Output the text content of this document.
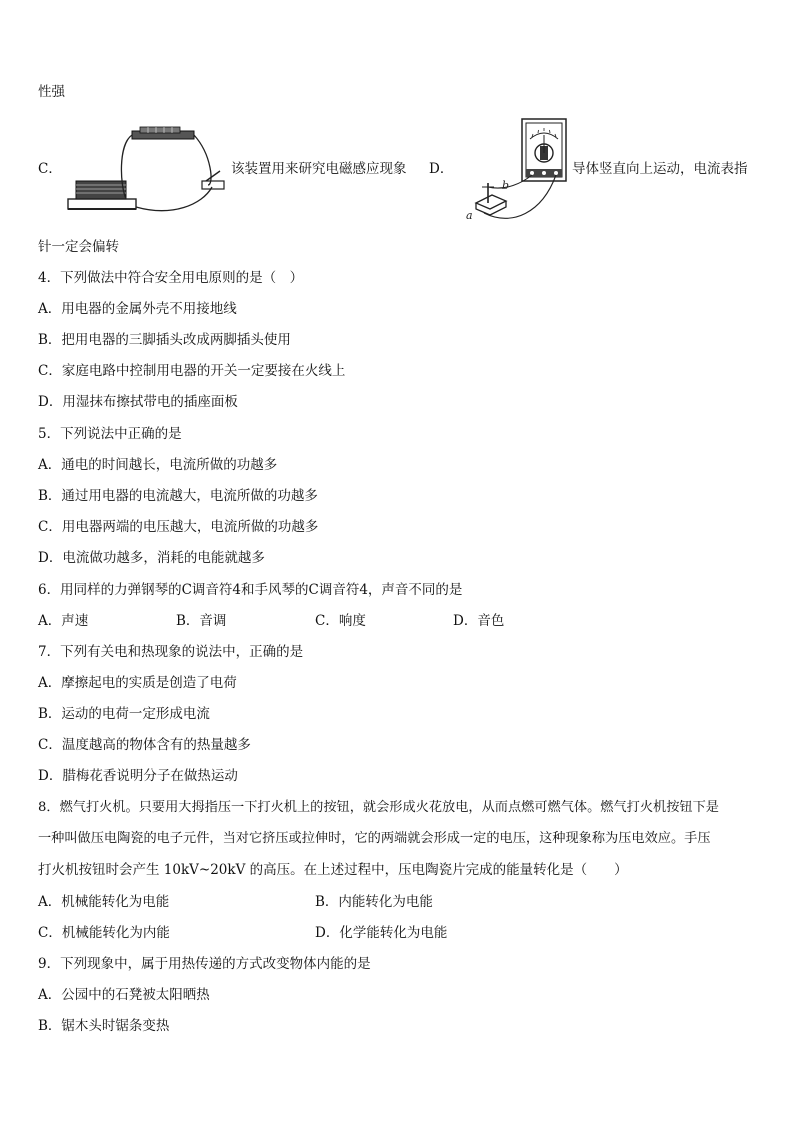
性强
C．	该装置用来研究电磁感应现象 D．
b
a
导体竖直向上运动，电流表指
针一定会偏转
4．下列做法中符合安全用电原则的是（　）
A．用电器的金属外壳不用接地线
B．把用电器的三脚插头改成两脚插头使用
C．家庭电路中控制用电器的开关一定要接在火线上
D．用湿抹布擦拭带电的插座面板
5．下列说法中正确的是
A．通电的时间越长，电流所做的功越多
B．通过用电器的电流越大，电流所做的功越多
C．用电器两端的电压越大，电流所做的功越多
D．电流做功越多，消耗的电能就越多
6．用同样的力弹钢琴的C调音符4和手风琴的C调音符4，声音不同的是
A．声速	B．音调	C．响度	D．音色
7．下列有关电和热现象的说法中，正确的是
A．摩擦起电的实质是创造了电荷
B．运动的电荷一定形成电流
C．温度越高的物体含有的热量越多
D．腊梅花香说明分子在做热运动
8．燃气打火机。只要用大拇指压一下打火机上的按钮，就会形成火花放电，从而点燃可燃气体。燃气打火机按钮下是
一种叫做压电陶瓷的电子元件，当对它挤压或拉伸时，它的两端就会形成一定的电压，这种现象称为压电效应。手压
打火机按钮时会产生 10kV~20kV 的高压。在上述过程中，压电陶瓷片完成的能量转化是（　　）
A．机械能转化为电能	B．内能转化为电能
C．机械能转化为内能	D．化学能转化为电能
9．下列现象中，属于用热传递的方式改变物体内能的是
A．公园中的石凳被太阳晒热
B．锯木头时锯条变热
